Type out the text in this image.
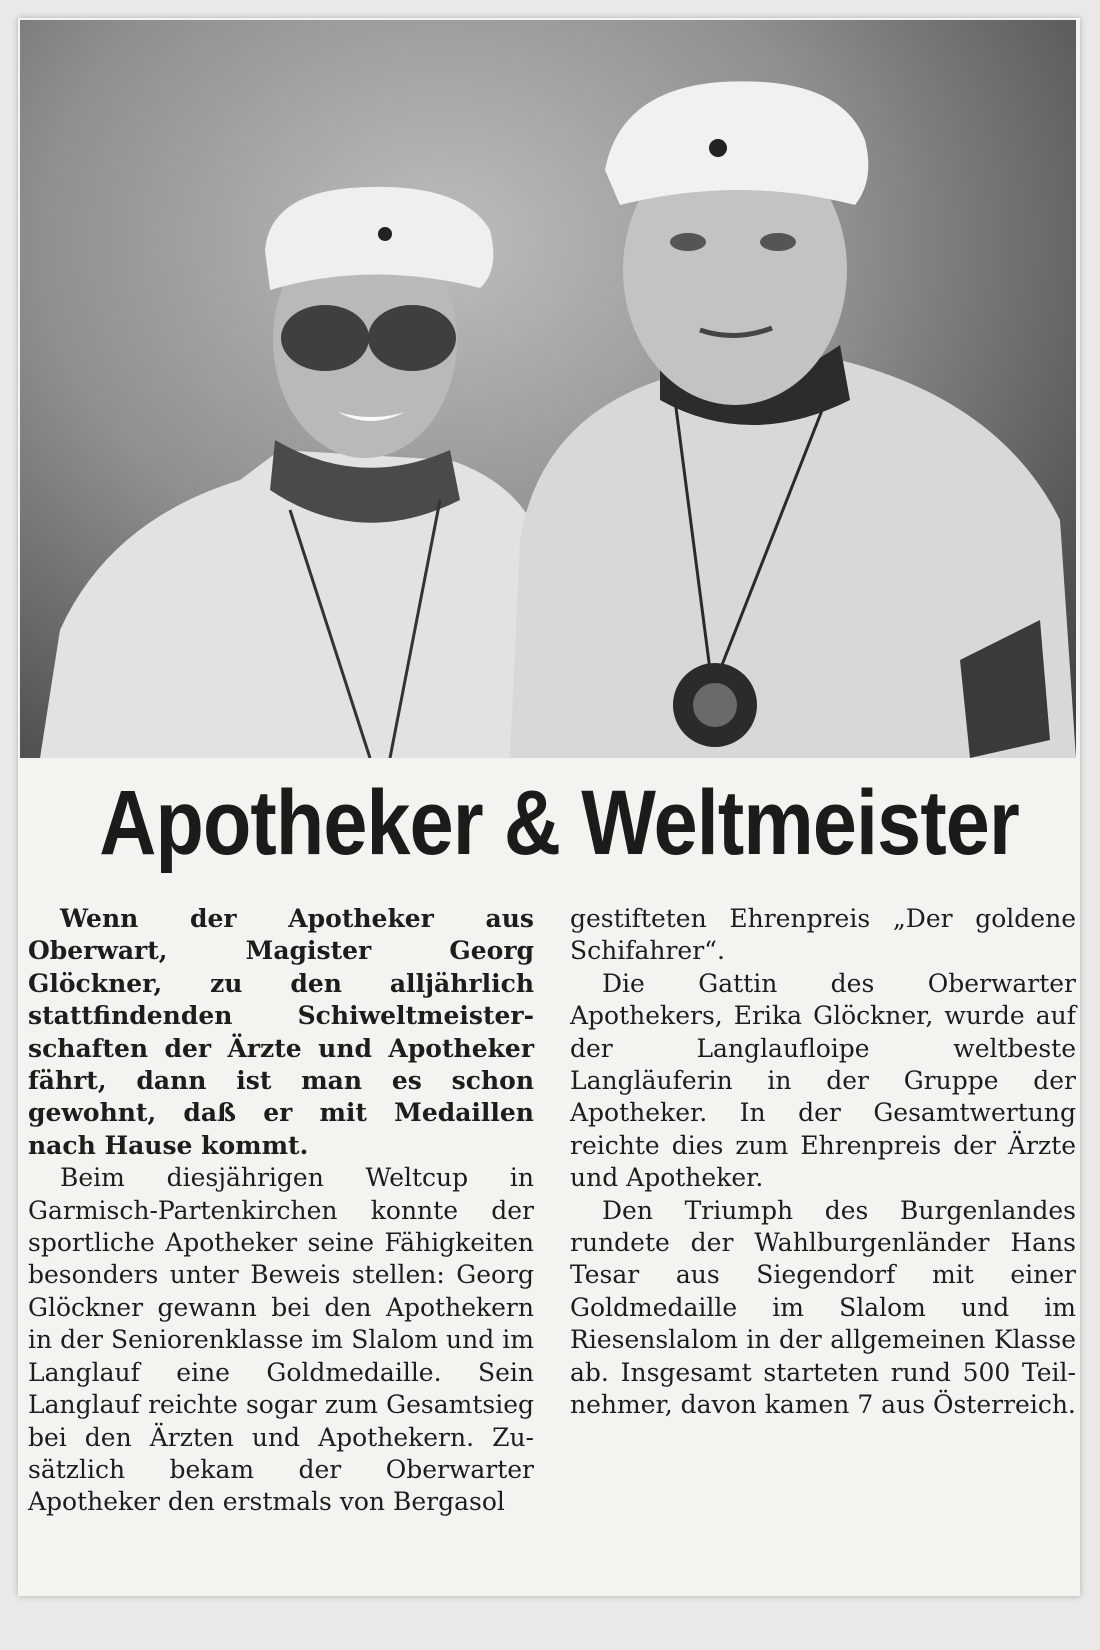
Apotheker & Weltmeister

Wenn der Apotheker aus Oberwart, Magister Georg Glöckner, zu den alljährlich stattfindenden Schiweltmeisterschaften der Ärzte und Apotheker fährt, dann ist man es schon gewohnt, daß er mit Medaillen nach Hause kommt.

Beim diesjährigen Weltcup in Garmisch-Partenkirchen konnte der sportliche Apotheker seine Fähigkeiten besonders unter Beweis stellen: Georg Glöckner gewann bei den Apothekern in der Seniorenklasse im Slalom und im Langlauf eine Goldmedaille. Sein Langlauf reichte sogar zum Gesamtsieg bei den Ärzten und Apothekern. Zusätzlich bekam der Oberwarter Apotheker den erstmals von Bergasol

gestifteten Ehrenpreis „Der goldene Schifahrer“.

Die Gattin des Oberwarter Apothekers, Erika Glöckner, wurde auf der Langlaufloipe weltbeste Langläuferin in der Gruppe der Apotheker. In der Gesamtwertung reichte dies zum Ehrenpreis der Ärzte und Apotheker.

Den Triumph des Burgenlandes rundete der Wahlburgenländer Hans Tesar aus Siegendorf mit einer Goldmedaille im Slalom und im Riesenslalom in der allgemeinen Klasse ab. Insgesamt starteten rund 500 Teilnehmer, davon kamen 7 aus Österreich.
